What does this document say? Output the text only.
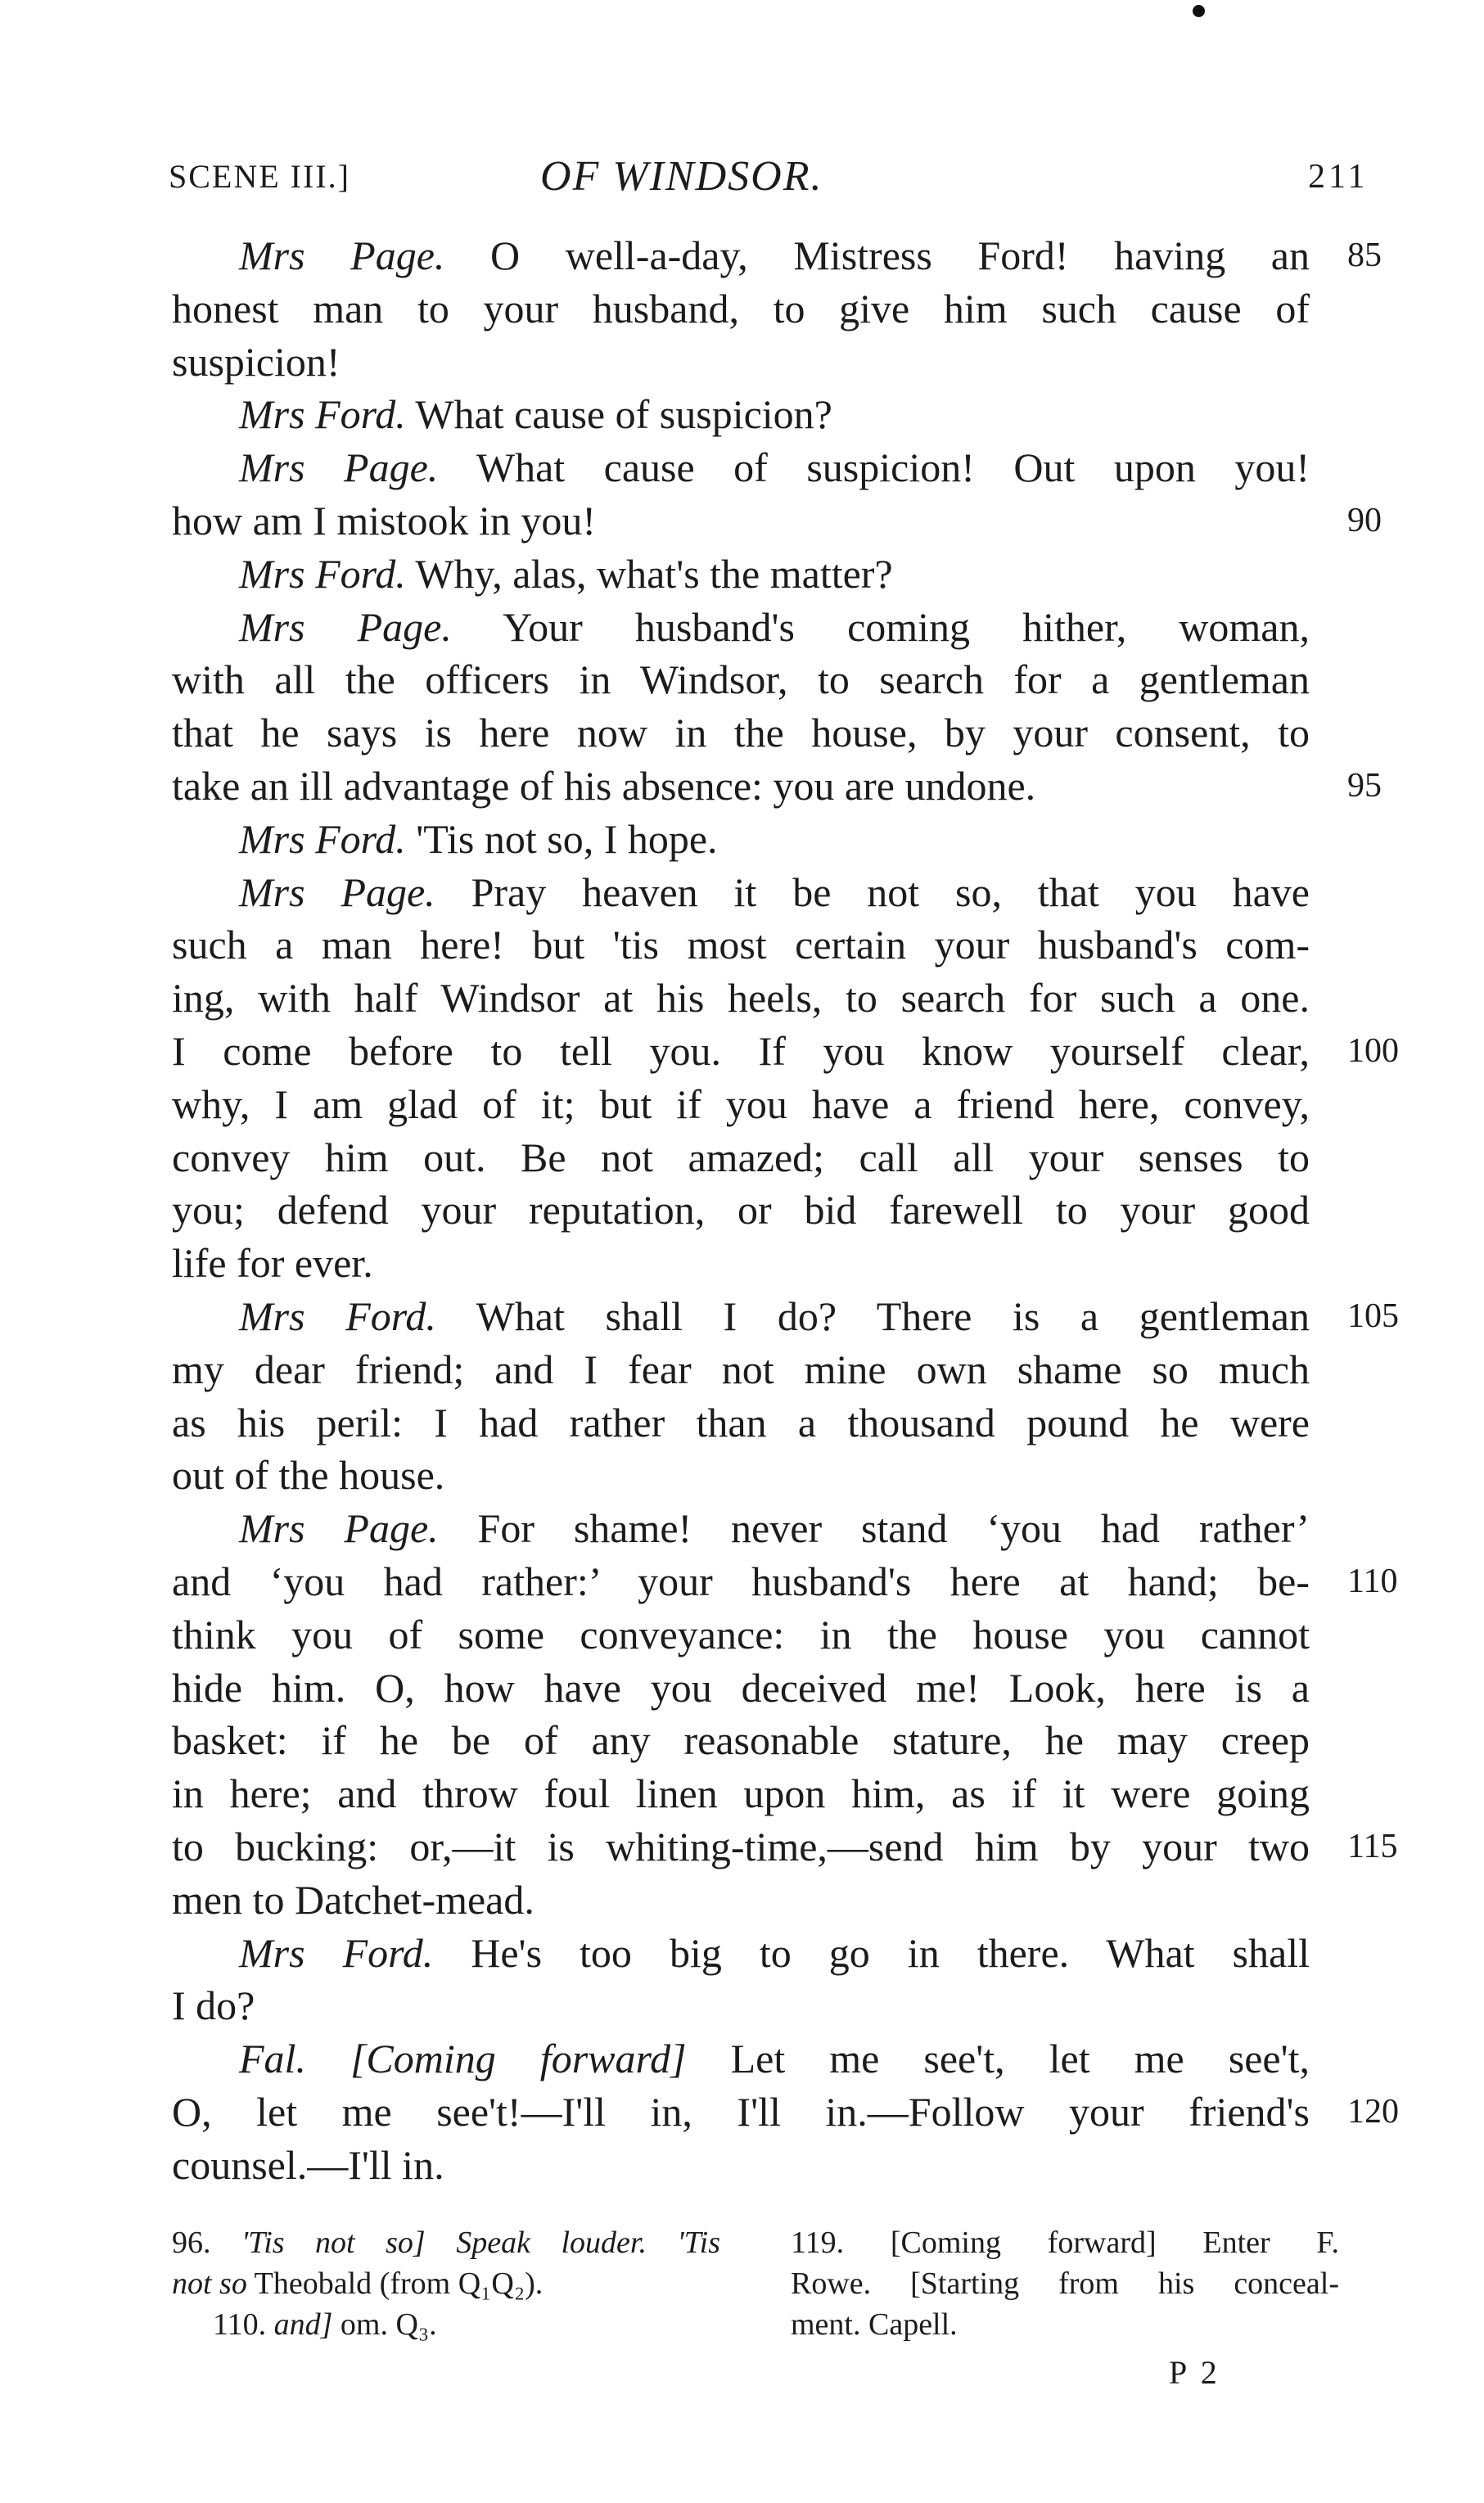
SCENE III.]	OF WINDSOR.	211
Mrs Page. O well-a-day, Mistress Ford! having an 85
honest man to your husband, to give him such cause of
suspicion!
Mrs Ford. What cause of suspicion?
Mrs Page. What cause of suspicion! Out upon you!
how am I mistook in you!	90
Mrs Ford. Why, alas, what's the matter?
Mrs Page. Your husband's coming hither, woman,
with all the officers in Windsor, to search for a gentleman
that he says is here now in the house, by your consent, to
take an ill advantage of his absence: you are undone.	95
Mrs Ford. 'Tis not so, I hope.
Mrs Page. Pray heaven it be not so, that you have
such a man here! but 'tis most certain your husband's com-
ing, with half Windsor at his heels, to search for such a one.
I come before to tell you. If you know yourself clear, 100
why, I am glad of it; but if you have a friend here, convey,
convey him out. Be not amazed; call all your senses to
you; defend your reputation, or bid farewell to your good
life for ever.
Mrs Ford. What shall I do? There is a gentleman 105
my dear friend; and I fear not mine own shame so much
as his peril: I had rather than a thousand pound he were
out of the house.
Mrs Page. For shame! never stand ‘you had rather’
and ‘you had rather:’ your husband's here at hand; be- 110
think you of some conveyance: in the house you cannot
hide him. O, how have you deceived me! Look, here is a
basket: if he be of any reasonable stature, he may creep
in here; and throw foul linen upon him, as if it were going
to bucking: or,—it is whiting-time,—send him by your two 115
men to Datchet-mead.
Mrs Ford. He's too big to go in there. What shall
I do?
Fal. [Coming forward] Let me see't, let me see't,
O, let me see't!—I'll in, I'll in.—Follow your friend's 120
counsel.—I'll in.
96. 'Tis not so] Speak louder. 'Tis
not so Theobald (from Q₁Q₂).
110. and] om. Q₃.
119. [Coming forward] Enter F.
Rowe. [Starting from his conceal-
ment. Capell.
P 2
